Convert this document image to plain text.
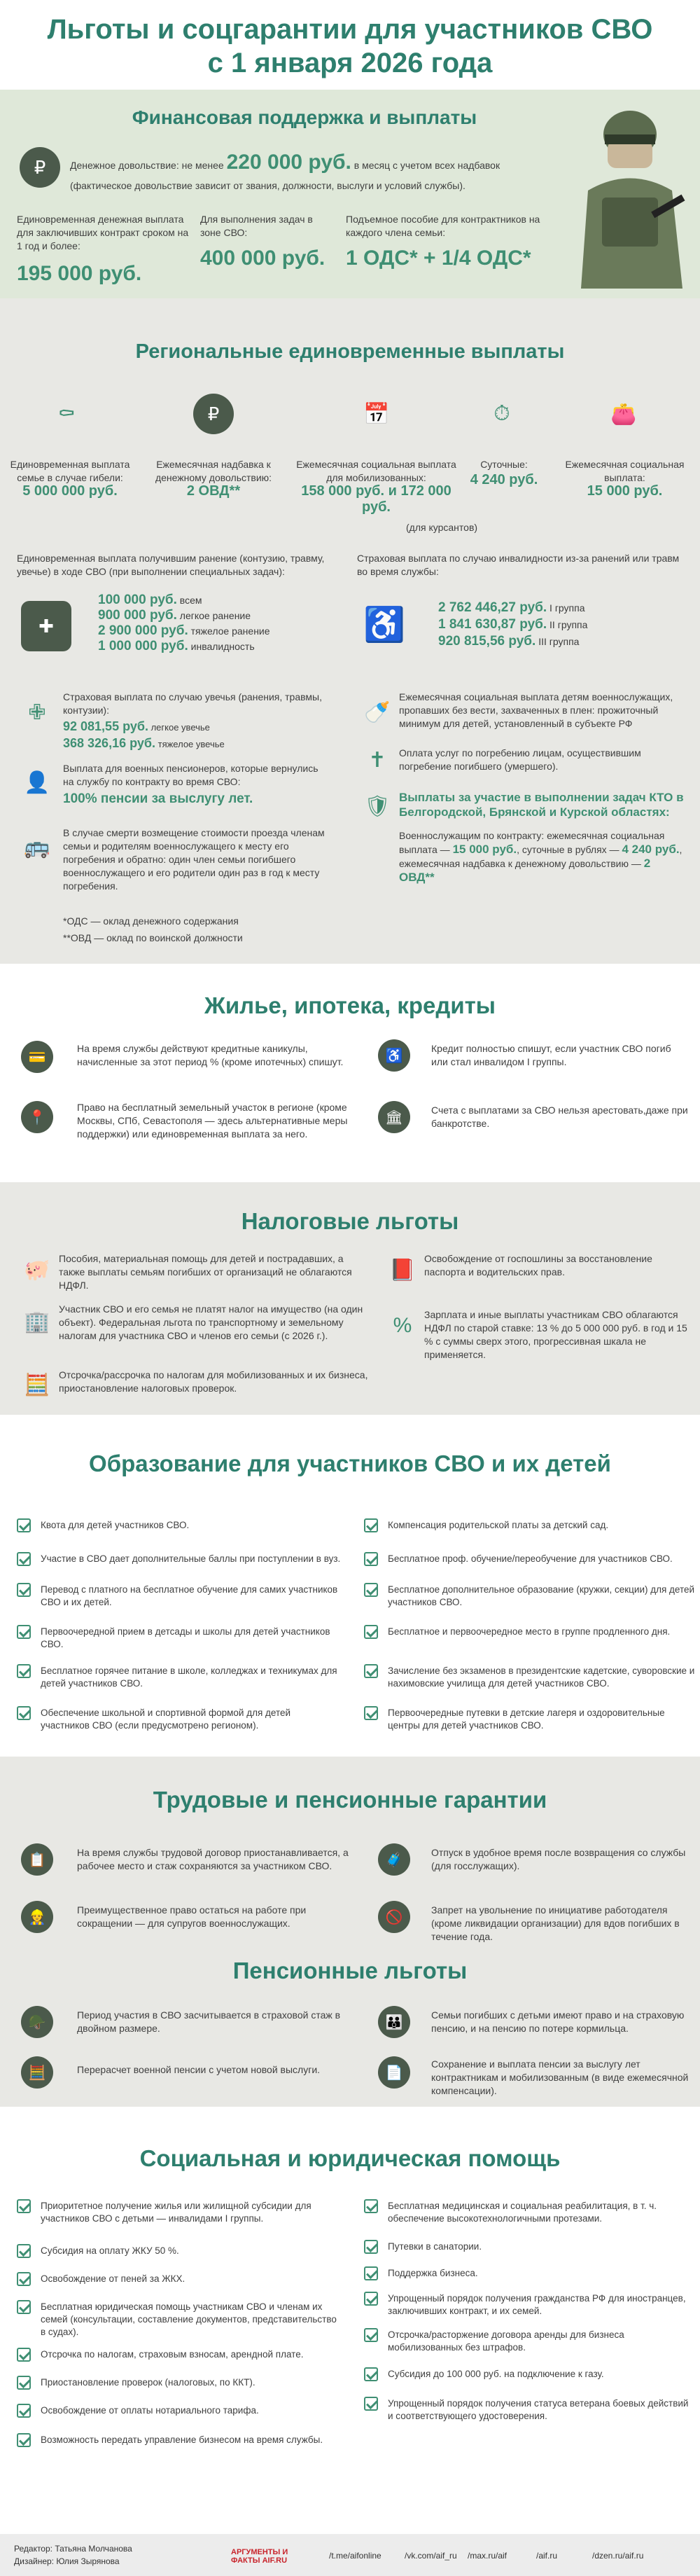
Льготы и соцгарантии для участников СВО
с 1 января 2026 года
Финансовая поддержка и выплаты
₽	Денежное довольствие: не менее 220 000 руб. в месяц с учетом всех надбавок
(фактическое довольствие зависит от звания, должности, выслуги и условий службы).
Единовременная денежная выплата для заключивших контракт сроком на 1 год и более:
195 000 руб.
Для выполнения задач в зоне СВО:
400 000 руб.
Подъемное пособие для контрактников на каждого члена семьи:
1 ОДС* + 1/4 ОДС*
Региональные единовременные выплаты
⚰
Единовременная выплата семье в случае гибели:
5 000 000 руб.
₽
Ежемесячная надбавка к денежному довольствию:
2 ОВД**
📅
Ежемесячная социальная выплата для мобилизованных:
158 000 руб. и 172 000 руб.
(для курсантов)
⏱
Суточные:
4 240 руб.
👛
Ежемесячная социальная выплата:
15 000 руб.
Единовременная выплата получившим ранение (контузию, травму, увечье) в ходе СВО (при выполнении специальных задач):
✚
100 000 руб. всем
900 000 руб. легкое ранение
2 900 000 руб. тяжелое ранение
1 000 000 руб. инвалидность
Страховая выплата по случаю инвалидности из-за ранений или травм во время службы:
♿ 2 762 446,27 руб. I группа
1 841 630,87 руб. II группа
920 815,56 руб. III группа
✙
Страховая выплата по случаю увечья (ранения, травмы, контузии):
92 081,55 руб. легкое увечье
368 326,16 руб. тяжелое увечье
👤
Выплата для военных пенсионеров, которые вернулись на службу по контракту во время СВО:
100% пенсии за выслугу лет.
🚌
В случае смерти возмещение стоимости проезда членам семьи и родителям военнослужащего к месту его погребения и обратно: один член семьи погибшего военнослужащего и его родители один раз в год к месту погребения.
*ОДС — оклад денежного содержания
**ОВД — оклад по воинской должности
🍼
Ежемесячная социальная выплата детям военнослужащих, пропавших без вести, захваченных в плен: прожиточный минимум для детей, установленный в субъекте РФ
✝	Оплата услуг по погребению лицам, осуществившим погребение погибшего (умершего).
🛡 Выплаты за участие в выполнении задач КТО в Белгородской, Брянской и Курской областях:
Военнослужащим по контракту: ежемесячная социальная выплата — 15 000 руб., суточные в рублях — 4 240 руб., ежемесячная надбавка к денежному довольствию — 2 ОВД**
Жилье, ипотека, кредиты
💳
На время службы действуют кредитные каникулы, начисленные за этот период % (кроме ипотечных) спишут.	♿	Кредит полностью спишут, если участник СВО погиб или стал инвалидом I группы.
📍
Право на бесплатный земельный участок в регионе (кроме Москвы, СПб, Севастополя — здесь альтернативные меры поддержки) или единовременная выплата за него.
🏛	Счета с выплатами за СВО нельзя арестовать,даже при банкротстве.
Налоговые льготы
🐖 Пособия, материальная помощь для детей и пострадавших, а также выплаты семьям погибших от организаций не облагаются НДФЛ.
📕 Освобождение от госпошлины за восстановление паспорта и водительских прав.
🏢
Участник СВО и его семья не платят налог на имущество (на один объект). Федеральная льгота по транспортному и земельному налогам для участника СВО и членов его семьи (с 2026 г.).	%	Зарплата и иные выплаты участникам СВО облагаются НДФЛ по старой ставке: 13 % до 5 000 000 руб. в год и 15 % с суммы сверх этого, прогрессивная шкала не применяется.
🧮 Отсрочка/рассрочка по налогам для мобилизованных и их бизнеса, приостановление налоговых проверок.
Образование для участников СВО и их детей
Квота для детей участников СВО.
Участие в СВО дает дополнительные баллы при поступлении в вуз.
Перевод с платного на бесплатное обучение для самих участников СВО и их детей.
Первоочередной прием в детсады и школы для детей участников СВО.
Бесплатное горячее питание в школе, колледжах и техникумах для детей участников СВО.
Обеспечение школьной и спортивной формой для детей участников СВО (если предусмотрено регионом).
Компенсация родительской платы за детский сад.
Бесплатное проф. обучение/переобучение для участников СВО.
Бесплатное дополнительное образование (кружки, секции) для детей участников СВО.
Бесплатное и первоочередное место в группе продленного дня.
Зачисление без экзаменов в президентские кадетские, суворовские и нахимовские училища для детей участников СВО.
Первоочередные путевки в детские лагеря и оздоровительные центры для детей участников СВО.
Трудовые и пенсионные гарантии
📋	На время службы трудовой договор приостанавливается, а рабочее место и стаж сохраняются за участником СВО.	🧳	Отпуск в удобное время после возвращения со службы (для госслужащих).
👷	Преимущественное право остаться на работе при сокращении — для супругов военнослужащих.	🚫	Запрет на увольнение по инициативе работодателя (кроме ликвидации организации) для вдов погибших в течение года.
Пенсионные льготы
🪖	Период участия в СВО засчитывается в страховой стаж в двойном размере.	👪	Семьи погибших с детьми имеют право и на страховую пенсию, и на пенсию по потере кормильца.
🧮	Перерасчет военной пенсии с учетом новой выслуги.	📄
Сохранение и выплата пенсии за выслугу лет контрактникам и мобилизованным (в виде ежемесячной компенсации).
Социальная и юридическая помощь
Приоритетное получение жилья или жилищной субсидии для участников СВО с детьми — инвалидами I группы.
Субсидия на оплату ЖКУ 50 %.
Освобождение от пеней за ЖКХ.
Бесплатная юридическая помощь участникам СВО и членам их семей (консультации, составление документов, представительство в судах).
Отсрочка по налогам, страховым взносам, арендной плате.
Приостановление проверок (налоговых, по ККТ).
Освобождение от оплаты нотариального тарифа.
Возможность передать управление бизнесом на время службы.
Бесплатная медицинская и социальная реабилитация, в т. ч. обеспечение высокотехнологичными протезами.
Путевки в санатории.
Поддержка бизнеса.
Упрощенный порядок получения гражданства РФ для иностранцев, заключивших контракт, и их семей.
Отсрочка/расторжение договора аренды для бизнеса мобилизованных без штрафов.
Субсидия до 100 000 руб. на подключение к газу.
Упрощенный порядок получения статуса ветерана боевых действий и соответствующего удостоверения.
Редактор: Татьяна Молчанова
Дизайнер: Юлия Зырянова
АРГУМЕНТЫ И ФАКТЫ AIF.RU	/t.me/aifonline	/vk.com/aif_ru /max.ru/aif	/aif.ru	/dzen.ru/aif.ru
